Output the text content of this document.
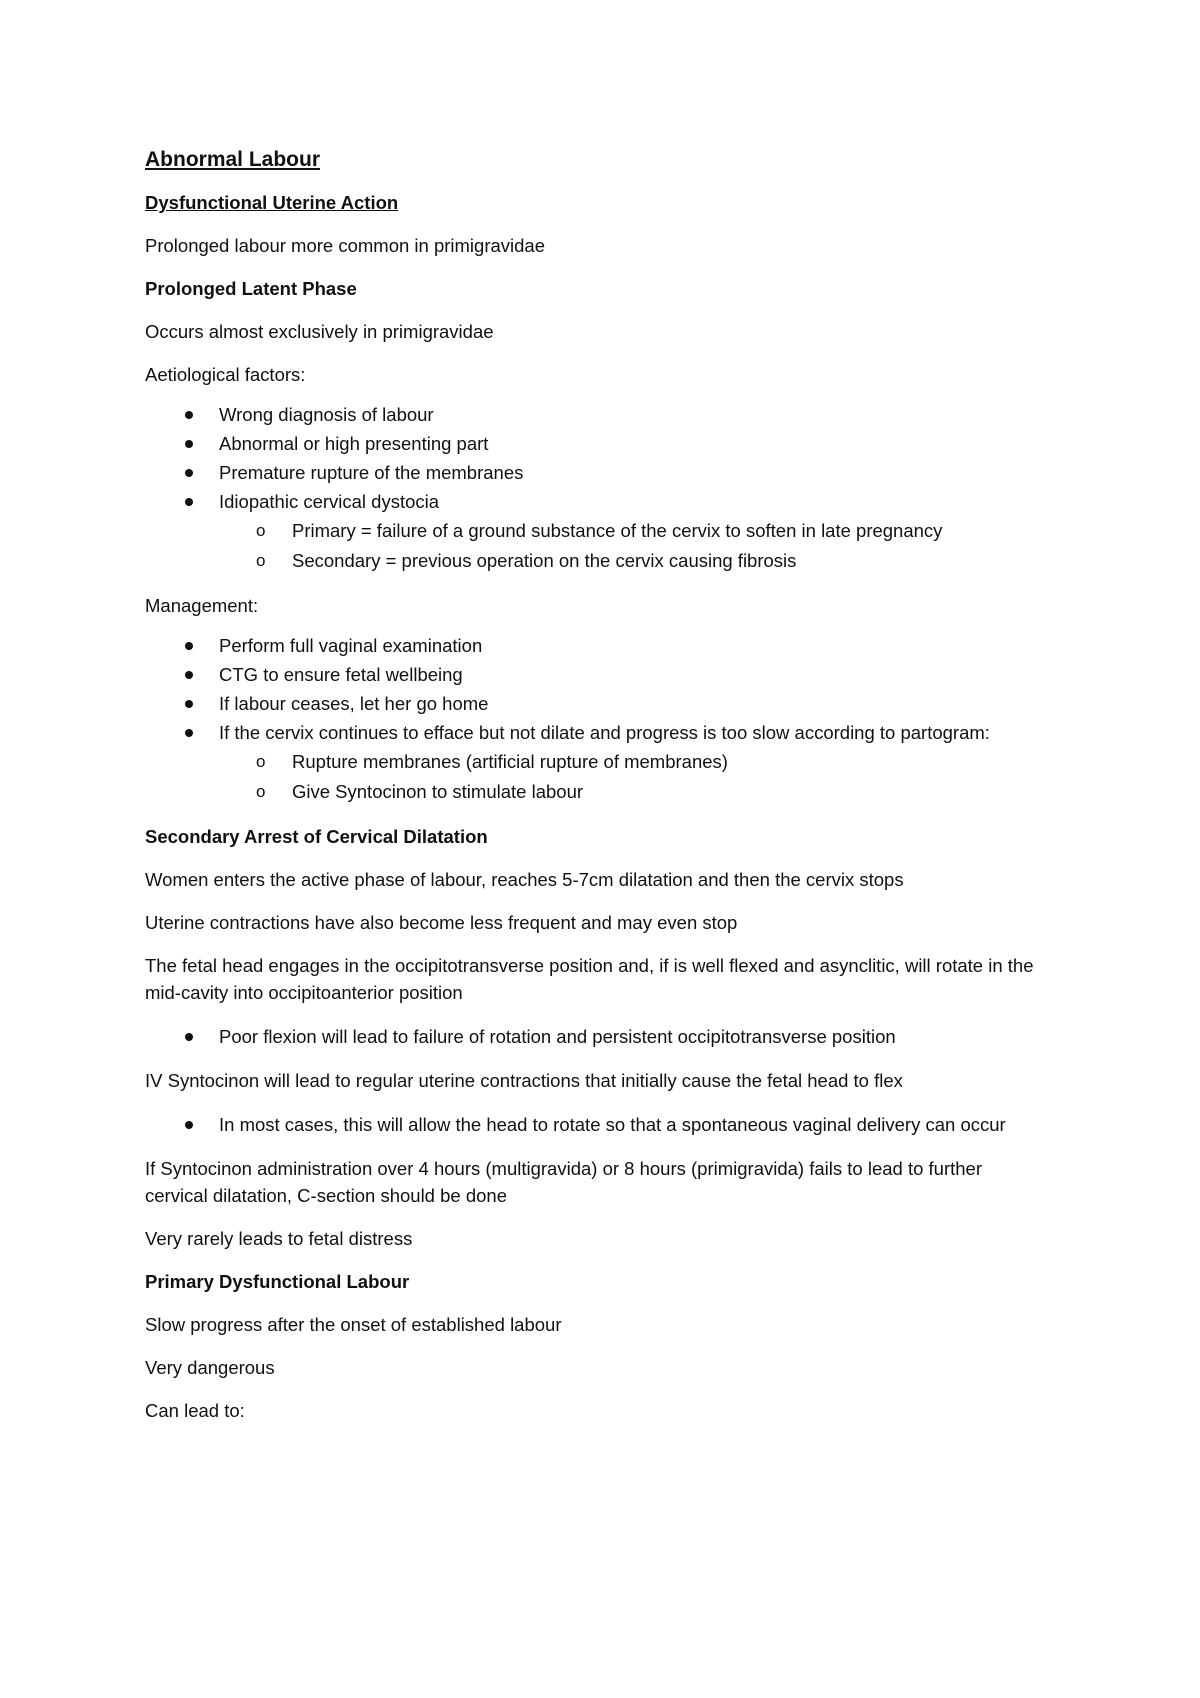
Abnormal Labour
Dysfunctional Uterine Action
Prolonged labour more common in primigravidae
Prolonged Latent Phase
Occurs almost exclusively in primigravidae
Aetiological factors:
Wrong diagnosis of labour
Abnormal or high presenting part
Premature rupture of the membranes
Idiopathic cervical dystocia
o Primary = failure of a ground substance of the cervix to soften in late pregnancy
o Secondary = previous operation on the cervix causing fibrosis
Management:
Perform full vaginal examination
CTG to ensure fetal wellbeing
If labour ceases, let her go home
If the cervix continues to efface but not dilate and progress is too slow according to partogram:
o Rupture membranes (artificial rupture of membranes)
o Give Syntocinon to stimulate labour
Secondary Arrest of Cervical Dilatation
Women enters the active phase of labour, reaches 5-7cm dilatation and then the cervix stops
Uterine contractions have also become less frequent and may even stop
The fetal head engages in the occipitotransverse position and, if is well flexed and asynclitic, will rotate in the mid-cavity into occipitoanterior position
Poor flexion will lead to failure of rotation and persistent occipitotransverse position
IV Syntocinon will lead to regular uterine contractions that initially cause the fetal head to flex
In most cases, this will allow the head to rotate so that a spontaneous vaginal delivery can occur
If Syntocinon administration over 4 hours (multigravida) or 8 hours (primigravida) fails to lead to further cervical dilatation, C-section should be done
Very rarely leads to fetal distress
Primary Dysfunctional Labour
Slow progress after the onset of established labour
Very dangerous
Can lead to:
